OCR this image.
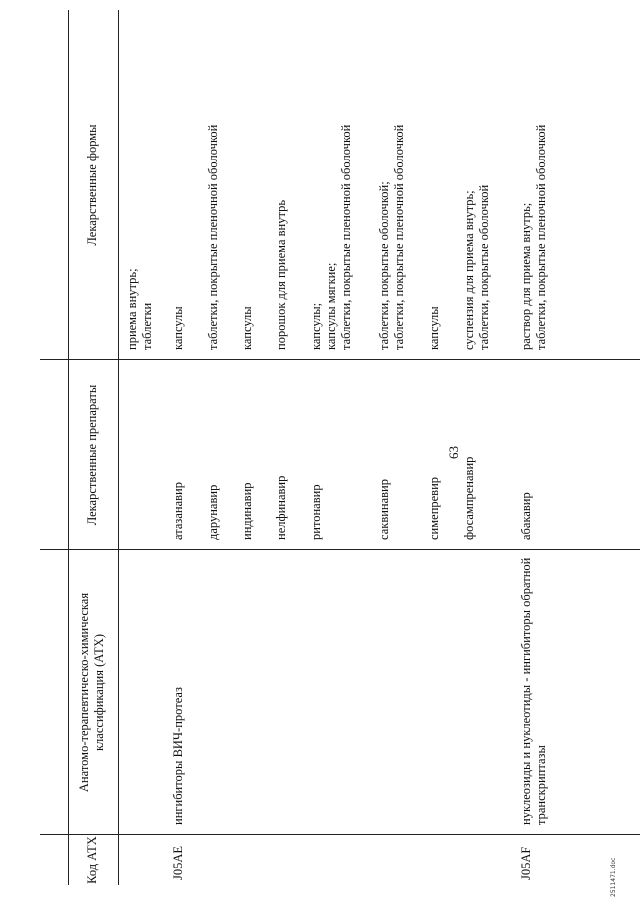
63
Код АТХ
Анатомо-терапевтическо-химическая классификация (АТХ)
Лекарственные препараты
Лекарственные формы
приема внутрь; таблетки
J05AE
ингибиторы ВИЧ-протеаз
атазанавир
капсулы
дарунавир
таблетки, покрытые пленочной оболочкой
индинавир
капсулы
нелфинавир
порошок для приема внутрь
ритонавир
капсулы; капсулы мягкие; таблетки, покрытые пленочной оболочкой
саквинавир
таблетки, покрытые оболочкой; таблетки, покрытые пленочной оболочкой
симепревир
капсулы
фосампренавир
суспензия для приема внутрь; таблетки, покрытые оболочкой
J05AF
нуклеозиды и нуклеотиды - ингибиторы обратной транскриптазы
абакавир
раствор для приема внутрь; таблетки, покрытые пленочной оболочкой
2511471.doc
